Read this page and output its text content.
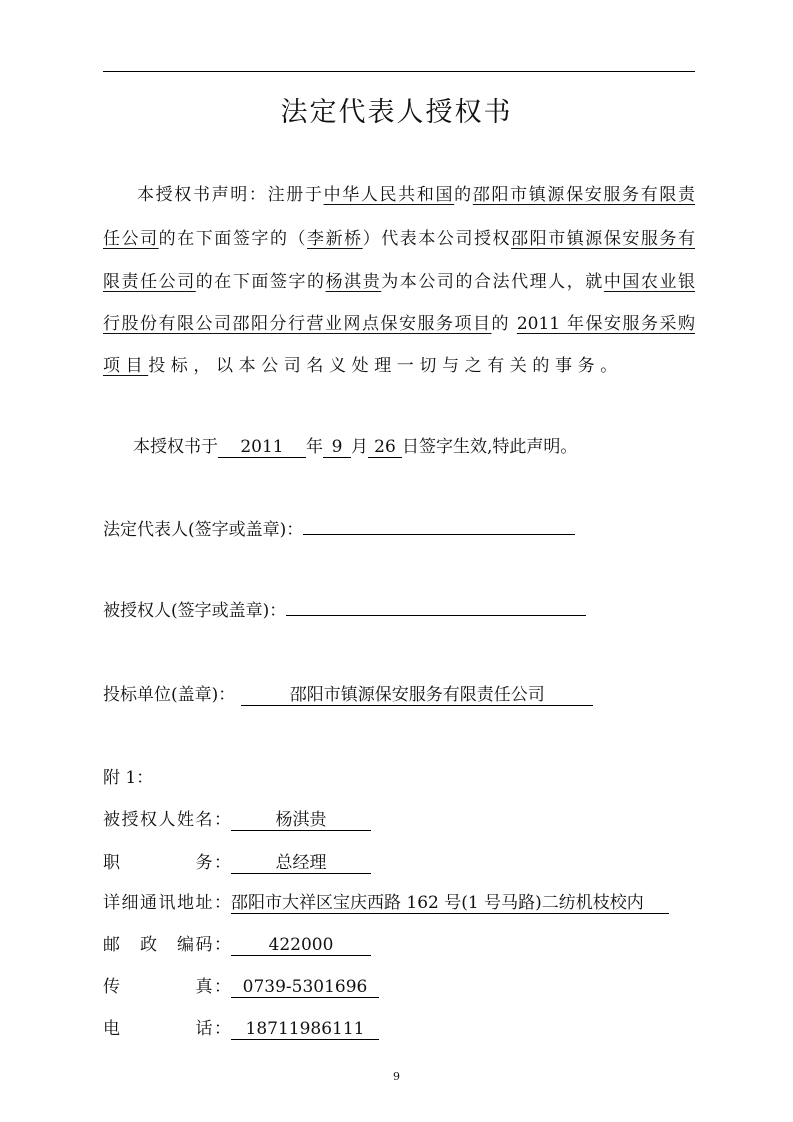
法定代表人授权书
本授权书声明：注册于中华人民共和国的邵阳市镇源保安服务有限责
任公司的在下面签字的（李新桥）代表本公司授权邵阳市镇源保安服务有
限责任公司的在下面签字的杨淇贵为本公司的合法代理人，就中国农业银
行股份有限公司邵阳分行营业网点保安服务项目的 2011 年保安服务采购
项目投标，以本公司名义处理一切与之有关的事务。
本授权书于 2011 年 9 月 26 日签字生效,特此声明。
法定代表人(签字或盖章)：
被授权人(签字或盖章)：
投标单位(盖章)：	邵阳市镇源保安服务有限责任公司
附 1：
被授权人姓名：	杨淇贵
职　　　　务：	总经理
详细通讯地址：邵阳市大祥区宝庆西路 162 号(1 号马路)二纺机枝校内
邮　政　编码： 422000
传　　　　真： 0739-5301696
电　　　　话： 18711986111
9
